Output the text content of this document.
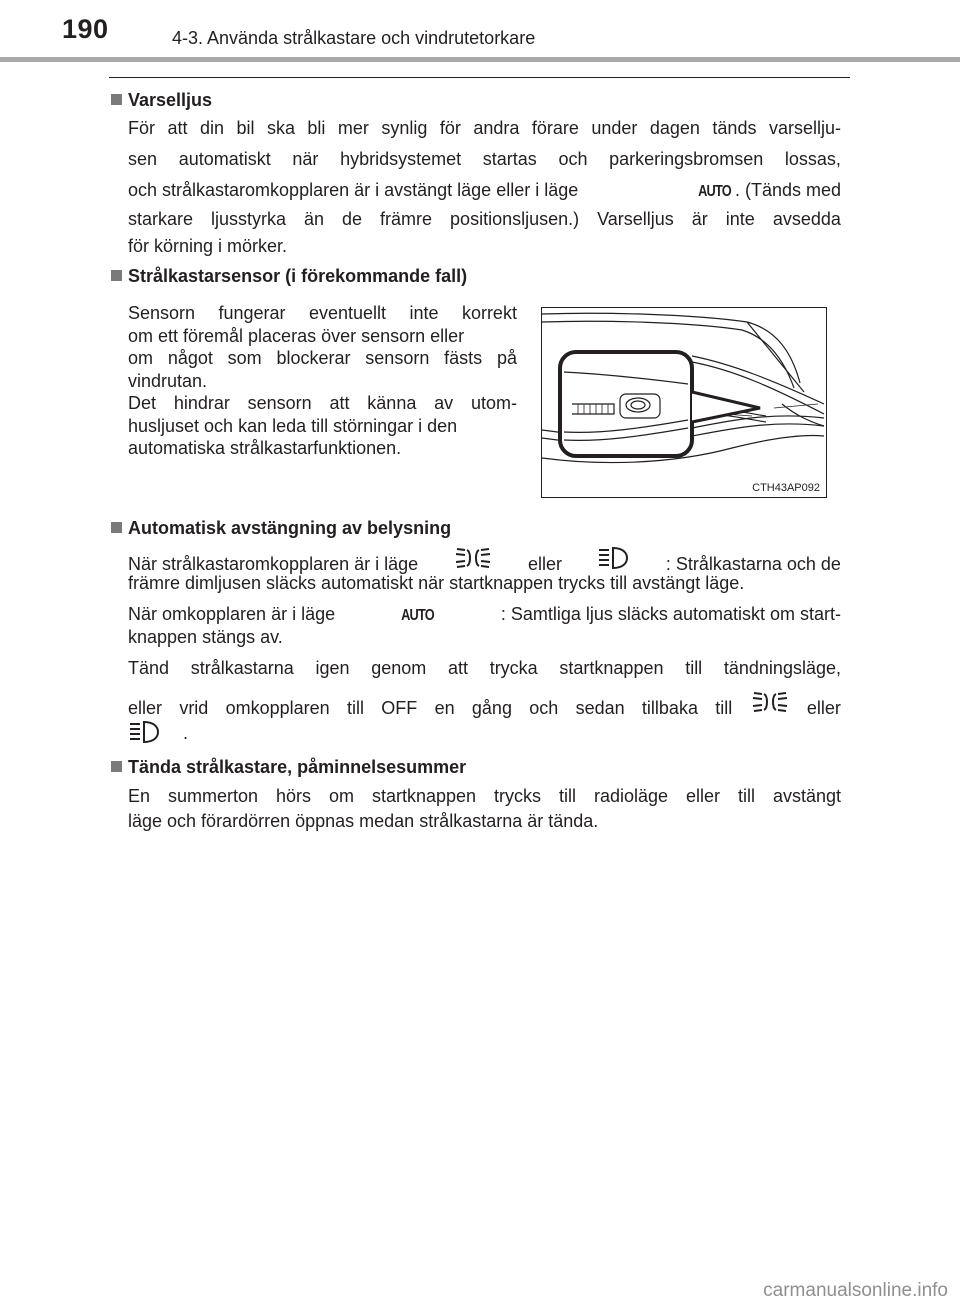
190	4-3. Använda strålkastare och vindrutetorkare
Varselljus
För att din bil ska bli mer synlig för andra förare under dagen tänds varsellju-
sen automatiskt när hybridsystemet startas och parkeringsbromsen lossas,
och strålkastaromkopplaren är i avstängt läge eller i läge	AUTO . (Tänds med
starkare ljusstyrka än de främre positionsljusen.) Varselljus är inte avsedda
för körning i mörker.
Strålkastarsensor (i förekommande fall)
Sensorn fungerar eventuellt inte korrekt
om ett föremål placeras över sensorn eller
om något som blockerar sensorn fästs på
vindrutan.
Det hindrar sensorn att känna av utom-
husljuset och kan leda till störningar i den
automatiska strålkastarfunktionen.
CTH43AP092
Automatisk avstängning av belysning
När strålkastaromkopplaren är i läge	eller	: Strålkastarna och de
främre dimljusen släcks automatiskt när startknappen trycks till avstängt läge.
När omkopplaren är i läge	AUTO	: Samtliga ljus släcks automatiskt om start-
knappen stängs av.
Tänd strålkastarna igen genom att trycka startknappen till tändningsläge,
eller vrid omkopplaren till OFF en gång och sedan tillbaka till	eller
.
Tända strålkastare, påminnelsesummer
En summerton hörs om startknappen trycks till radioläge eller till avstängt
läge och förardörren öppnas medan strålkastarna är tända.
carmanualsonline.info
